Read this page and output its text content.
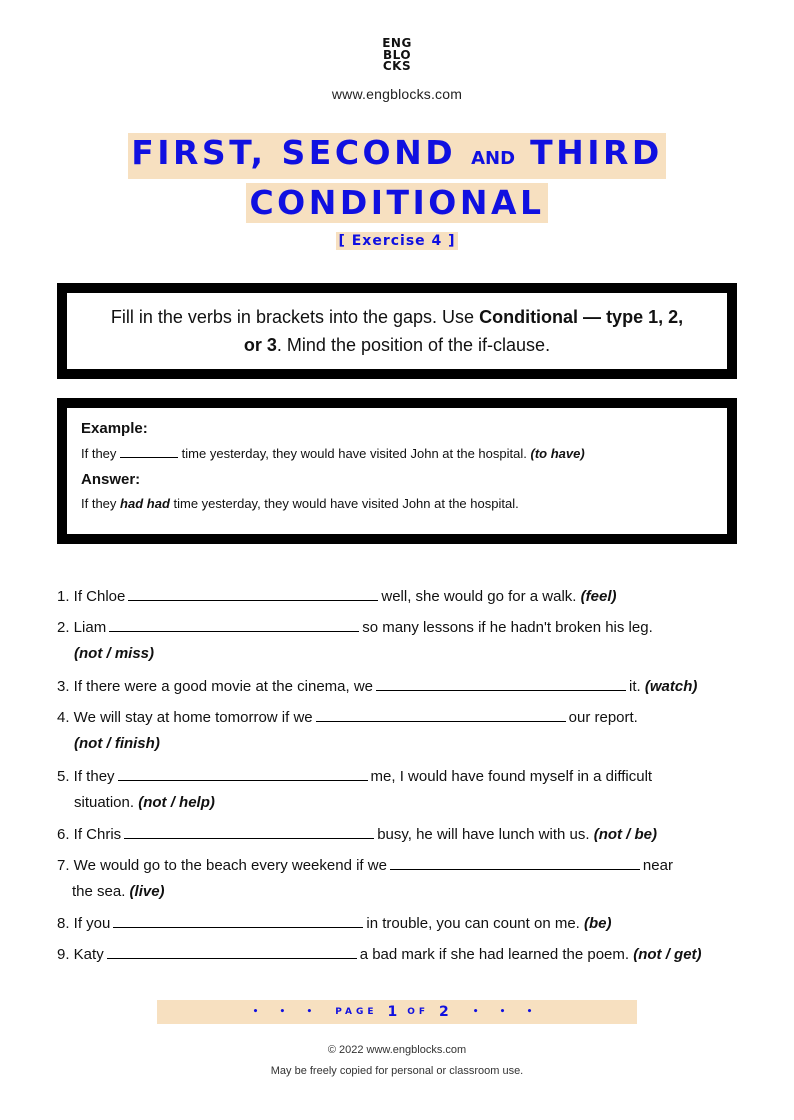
ENG
BLO
CKS
www.engblocks.com
FIRST, SECOND AND THIRD
CONDITIONAL
[ Exercise 4 ]
Fill in the verbs in brackets into the gaps. Use Conditional — type 1, 2,
or 3. Mind the position of the if-clause.
Example:
If they	time yesterday, they would have visited John at the hospital. (to have)
Answer:
If they had had time yesterday, they would have visited John at the hospital.
1. If Chloe	well, she would go for a walk. (feel)
2. Liam	so many lessons if he hadn't broken his leg.
(not / miss)
3. If there were a good movie at the cinema, we	it. (watch)
4. We will stay at home tomorrow if we	our report.
(not / finish)
5. If they	me, I would have found myself in a difficult
situation. (not / help)
6. If Chris	busy, he will have lunch with us. (not / be)
7. We would go to the beach every weekend if we	near
the sea. (live)
8. If you	in trouble, you can count on me. (be)
9. Katy	a bad mark if she had learned the poem. (not / get)
• • • PAGE 1 OF 2	• • •
© 2022 www.engblocks.com
May be freely copied for personal or classroom use.
